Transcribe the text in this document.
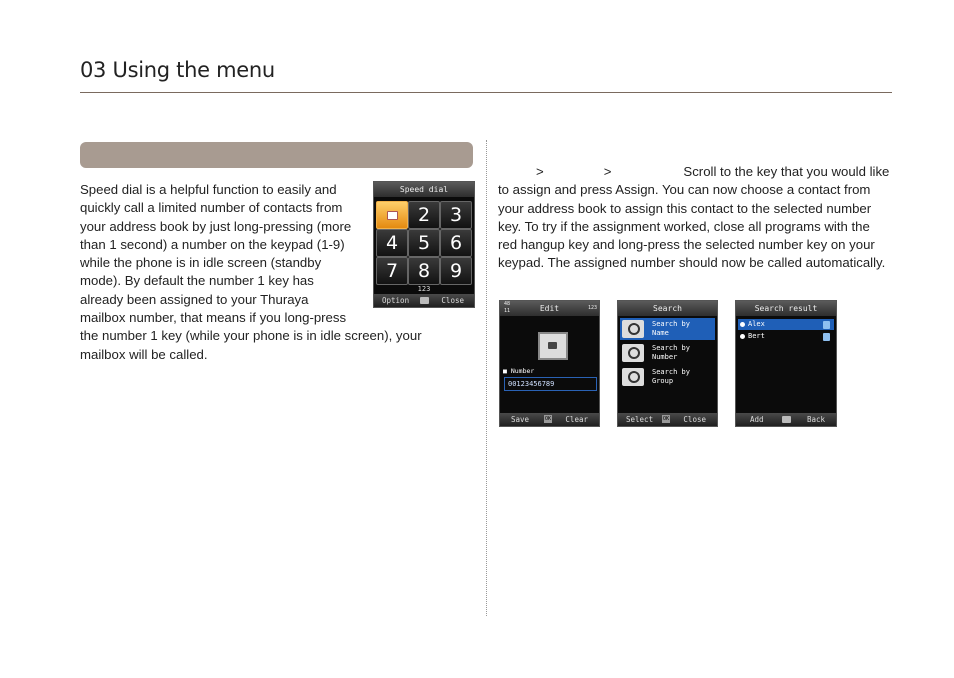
03 Using the menu
Speed dial is a helpful function to easily and quickly call a limited number of contacts from your address book by just long-pressing (more than 1 second) a number on the keypad (1-9) while the phone is in idle screen (standby mode). By default the number 1 key has already been assigned to your Thuraya mailbox number, that means if you long-press the number 1 key (while your phone is in idle screen), your mailbox will be called.
>	>	Scroll to the key that you would like to assign and press Assign. You can now choose a contact from your address book to assign this contact to the selected number key. To try if the assignment worked, close all programs with the red hangup key and long-press the selected number key on your keypad. The assigned number should now be called automatically.
Speed dial
2	3
4	5	6
7	8	9
123
Option	Close	48 11	Edit	123
■ Number
00123456789
Save	OK Clear
Search
Search by
Name
Search by
Number
Search by
Group
Select OK Close
Search result
Alex
Bert
Add	Back
